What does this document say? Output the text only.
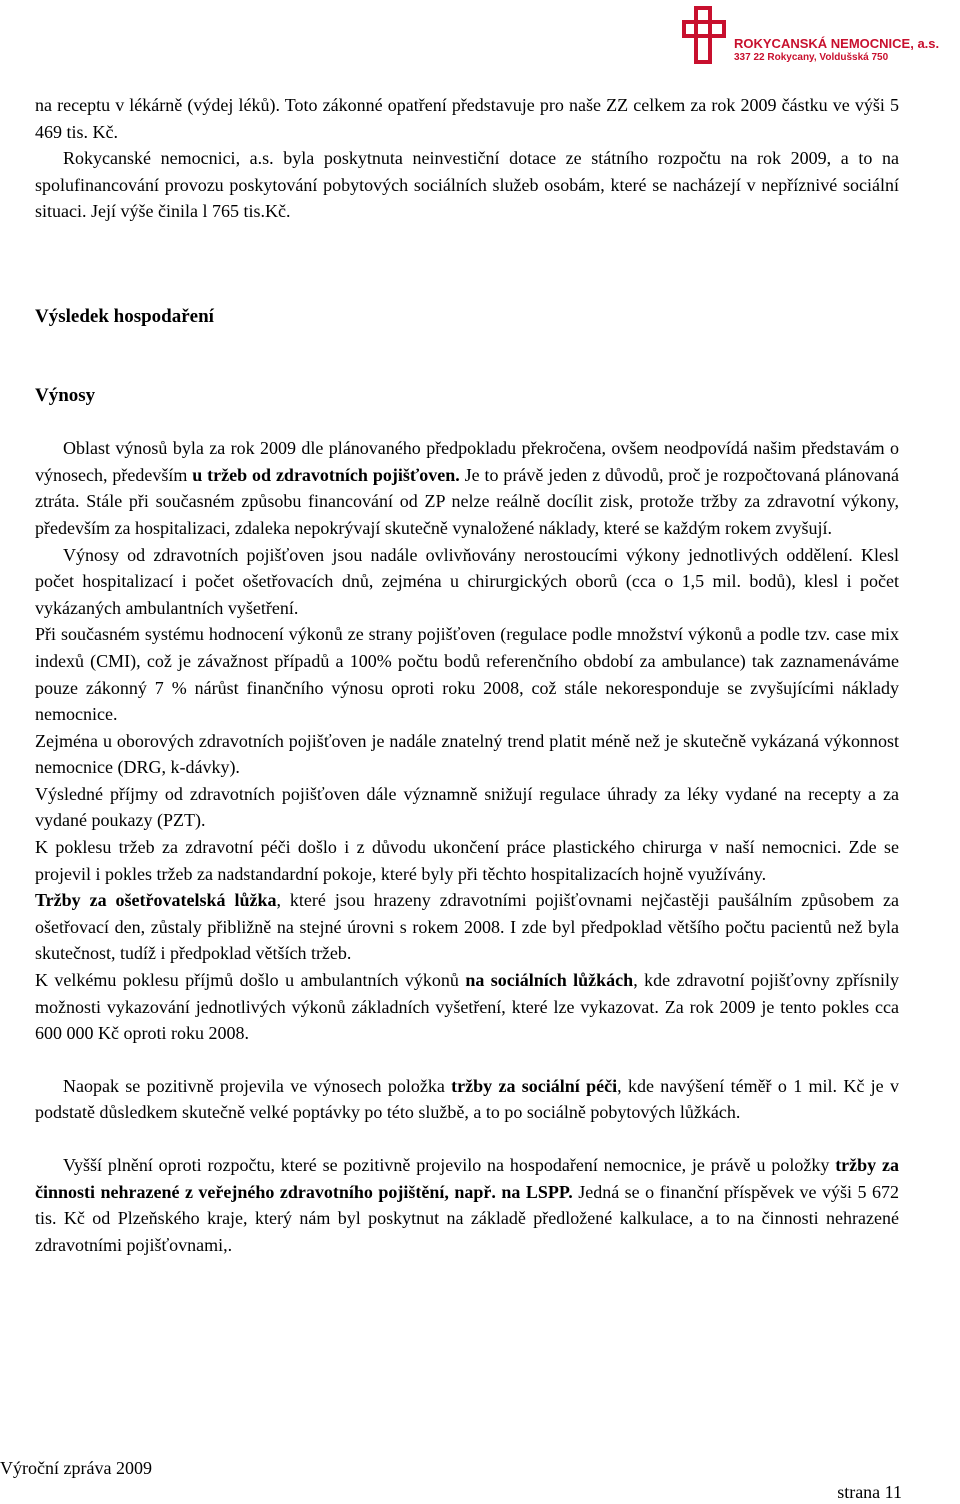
ROKYCANSKÁ NEMOCNICE, a.s.
337 22 Rokycany, Voldušská 750

na receptu v lékárně (výdej léků). Toto zákonné opatření představuje pro naše ZZ celkem za rok 2009 částku ve výši 5 469 tis. Kč.

Rokycanské nemocnici, a.s. byla poskytnuta neinvestiční dotace ze státního rozpočtu na rok 2009, a to na spolufinancování provozu poskytování pobytových sociálních služeb osobám, které se nacházejí v nepříznivé sociální situaci. Její výše činila l 765 tis.Kč.

Výsledek hospodaření
Výnosy

Oblast výnosů byla za rok 2009 dle plánovaného předpokladu překročena, ovšem neodpovídá našim představám o výnosech, především u tržeb od zdravotních pojišťoven. Je to právě jeden z důvodů, proč je rozpočtovaná plánovaná ztráta. Stále při současném způsobu financování od ZP nelze reálně docílit zisk, protože tržby za zdravotní výkony, především za hospitalizaci, zdaleka nepokrývají skutečně vynaložené náklady, které se každým rokem zvyšují.

Výnosy od zdravotních pojišťoven jsou nadále ovlivňovány nerostoucími výkony jednotlivých oddělení. Klesl počet hospitalizací i počet ošetřovacích dnů, zejména u chirurgických oborů (cca o 1,5 mil. bodů), klesl i počet vykázaných ambulantních vyšetření.

Při současném systému hodnocení výkonů ze strany pojišťoven (regulace podle množství výkonů a podle tzv. case mix indexů (CMI), což je závažnost případů a 100% počtu bodů referenčního období za ambulance) tak zaznamenáváme pouze zákonný 7 % nárůst finančního výnosu oproti roku 2008, což stále nekoresponduje se zvyšujícími náklady nemocnice.

Zejména u oborových zdravotních pojišťoven je nadále znatelný trend platit méně než je skutečně vykázaná výkonnost nemocnice (DRG, k-dávky).

Výsledné příjmy od zdravotních pojišťoven dále významně snižují regulace úhrady za léky vydané na recepty a za vydané poukazy (PZT).

K poklesu tržeb za zdravotní péči došlo i z důvodu ukončení práce plastického chirurga v naší nemocnici. Zde se projevil i pokles tržeb za nadstandardní pokoje, které byly při těchto hospitalizacích hojně využívány.

Tržby za ošetřovatelská lůžka, které jsou hrazeny zdravotními pojišťovnami nejčastěji paušálním způsobem za ošetřovací den, zůstaly přibližně na stejné úrovni s rokem 2008. I zde byl předpoklad většího počtu pacientů než byla skutečnost, tudíž i předpoklad větších tržeb.

K velkému poklesu příjmů došlo u ambulantních výkonů na sociálních lůžkách, kde zdravotní pojišťovny zpřísnily možnosti vykazování jednotlivých výkonů základních vyšetření, které lze vykazovat. Za rok 2009 je tento pokles cca 600 000 Kč oproti roku 2008.

Naopak se pozitivně projevila ve výnosech položka tržby za sociální péči, kde navýšení téměř o 1 mil. Kč je v podstatě důsledkem skutečně velké poptávky po této službě, a to po sociálně pobytových lůžkách.

Vyšší plnění oproti rozpočtu, které se pozitivně projevilo na hospodaření nemocnice, je právě u položky tržby za činnosti nehrazené z veřejného zdravotního pojištění, např. na LSPP. Jedná se o finanční příspěvek ve výši 5 672 tis. Kč od Plzeňského kraje, který nám byl poskytnut na základě předložené kalkulace, a to na činnosti nehrazené zdravotními pojišťovnami,.

Výroční zpráva 2009
strana 11
